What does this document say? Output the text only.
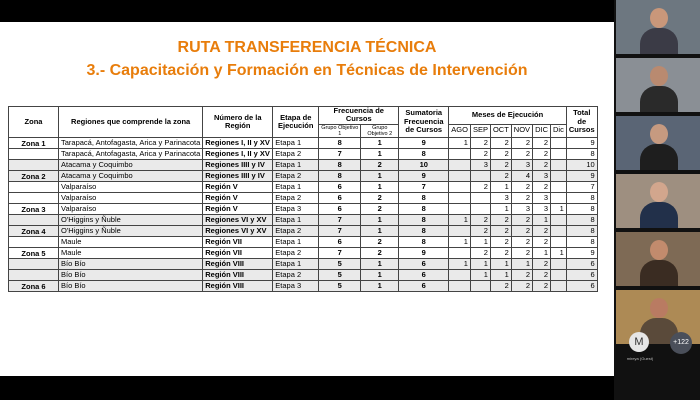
RUTA TRANSFERENCIA TÉCNICA
3.- Capacitación y Formación en Técnicas de Intervención
Zona	Regiones que comprende la zona	Número de la Región	Etapa de Ejecución	Frecuencia de Cursos		Sumatoria Frecuencia de Cursos	Meses de Ejecución						Total de Cursos
				Grupo Objetivo 1	Grupo Objetivo 2		AGO	SEP	OCT	NOV	DIC	Dic	
Zona 1	Tarapacá, Antofagasta, Arica y Parinacota	Regiones I, II y XV	Etapa 1	8	1	9	1	2	2	2	2		9
	Tarapacá, Antofagasta, Arica y Parinacota	Regiones I, II y XV	Etapa 2	7	1	8		2	2	2	2		8
	Atacama y Coquimbo	Regiones IIII y IV	Etapa 1	8	2	10		3	2	3	2		10
Zona 2	Atacama y Coquimbo	Regiones IIII y IV	Etapa 2	8	1	9			2	4	3		9
	Valparaíso	Región V	Etapa 1	6	1	7		2	1	2	2		7
	Valparaíso	Región V	Etapa 2	6	2	8			3	2	3		8
Zona 3	Valparaíso	Región V	Etapa 3	6	2	8			1	3	3	1	8
	O'Higgins y Ñuble	Regiones VI y XV	Etapa 1	7	1	8	1	2	2	2	1		8
Zona 4	O'Higgins y Ñuble	Regiones VI y XV	Etapa 2	7	1	8		2	2	2	2		8
	Maule	Región VII	Etapa 1	6	2	8	1	1	2	2	2		8
Zona 5	Maule	Región VII	Etapa 2	7	2	9		2	2	2	1	1	9
	Bío Bío	Región VIII	Etapa 1	5	1	6	1	1	1	1	2		6
	Bío Bío	Región VIII	Etapa 2	5	1	6		1	1	2	2		6
Zona 6	Bío Bío	Región VIII	Etapa 3	5	1	6			2	2	2		6
M
mireya (Guest)
+122
